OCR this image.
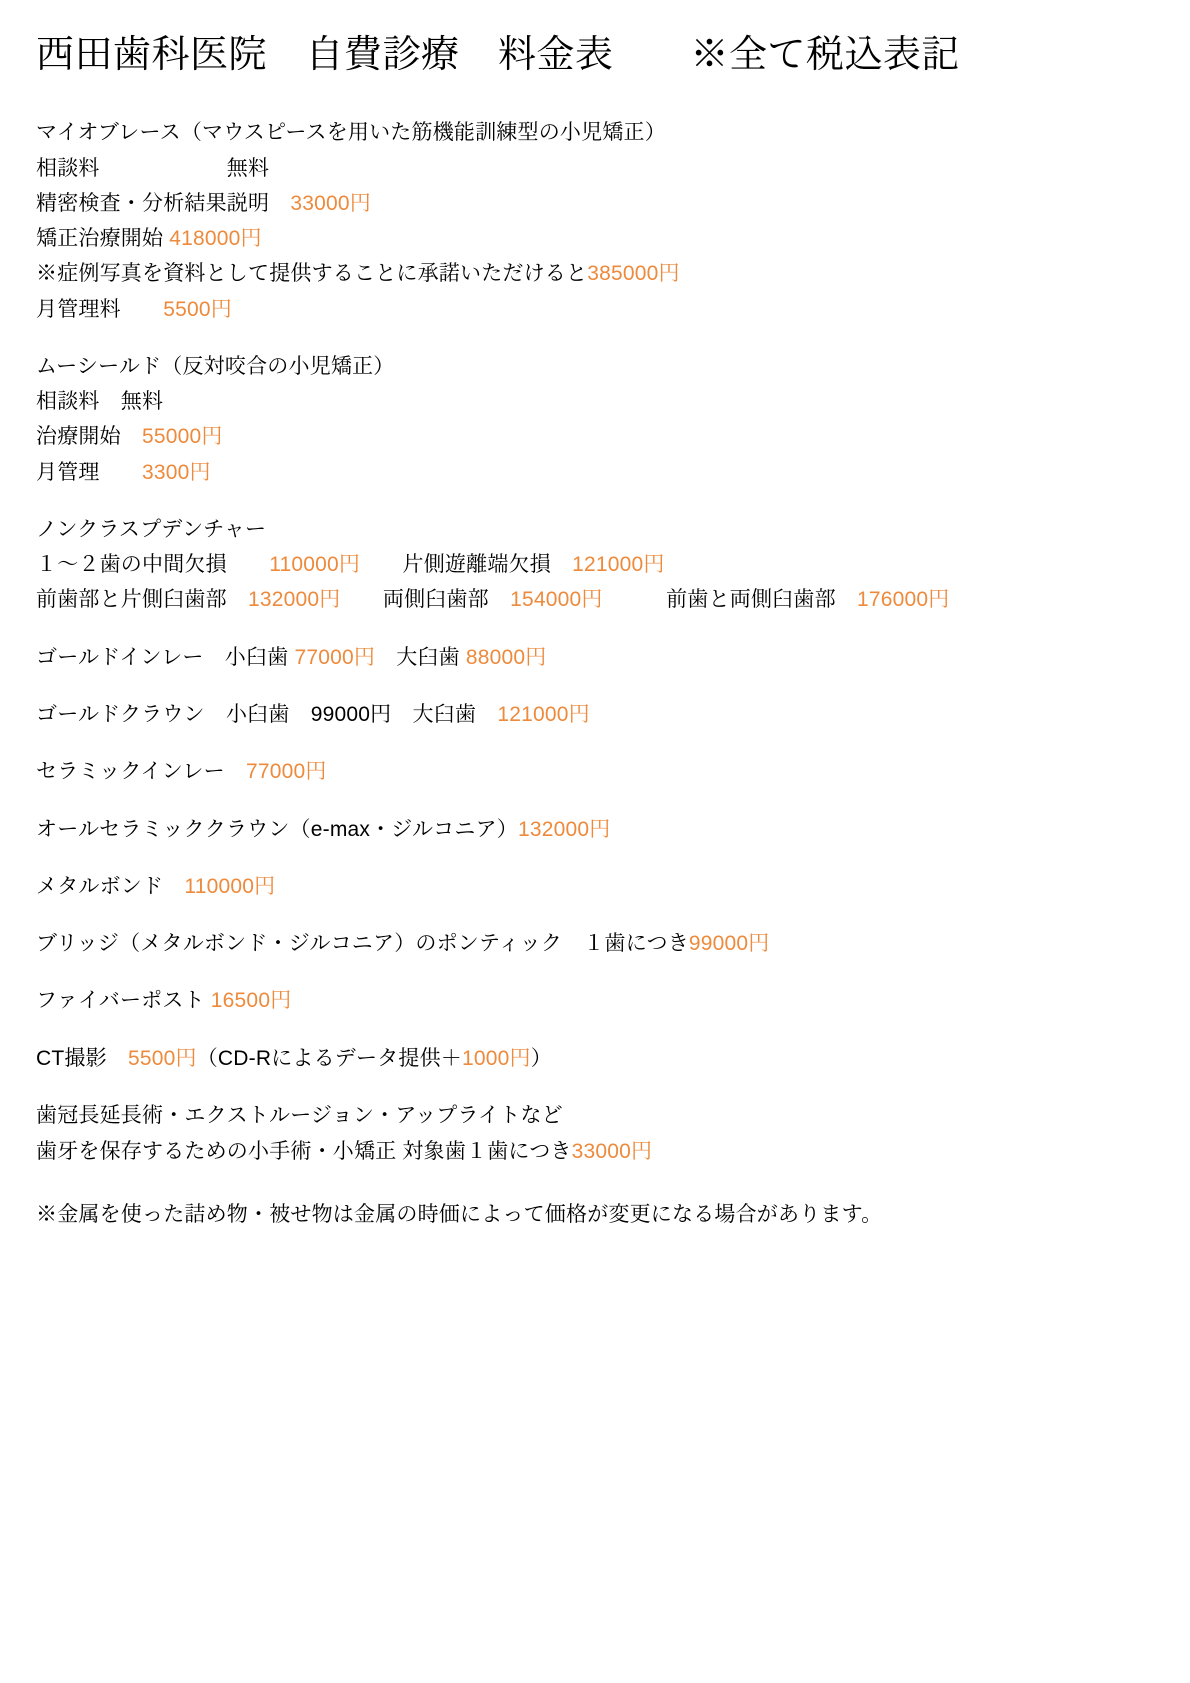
西田歯科医院　自費診療　料金表　　※全て税込表記
マイオブレース（マウスピースを用いた筋機能訓練型の小児矯正）
相談料　　　　　　無料
精密検査・分析結果説明　33000円
矯正治療開始 418000円
※症例写真を資料として提供することに承諾いただけると385000円
月管理料　　5500円
ムーシールド（反対咬合の小児矯正）
相談料　無料
治療開始　55000円
月管理　　3300円
ノンクラスプデンチャー
１〜２歯の中間欠損　　110000円　　片側遊離端欠損　121000円
前歯部と片側臼歯部　132000円　　両側臼歯部　154000円　　　前歯と両側臼歯部　176000円
ゴールドインレー　小臼歯 77000円　大臼歯 88000円
ゴールドクラウン　小臼歯　99000円　大臼歯　121000円
セラミックインレー　77000円
オールセラミッククラウン（e-max・ジルコニア）132000円
メタルボンド　110000円
ブリッジ（メタルボンド・ジルコニア）のポンティック　１歯につき99000円
ファイバーポスト 16500円
CT撮影　5500円（CD-Rによるデータ提供＋1000円）
歯冠長延長術・エクストルージョン・アップライトなど
歯牙を保存するための小手術・小矯正 対象歯１歯につき33000円
※金属を使った詰め物・被せ物は金属の時価によって価格が変更になる場合があります。
